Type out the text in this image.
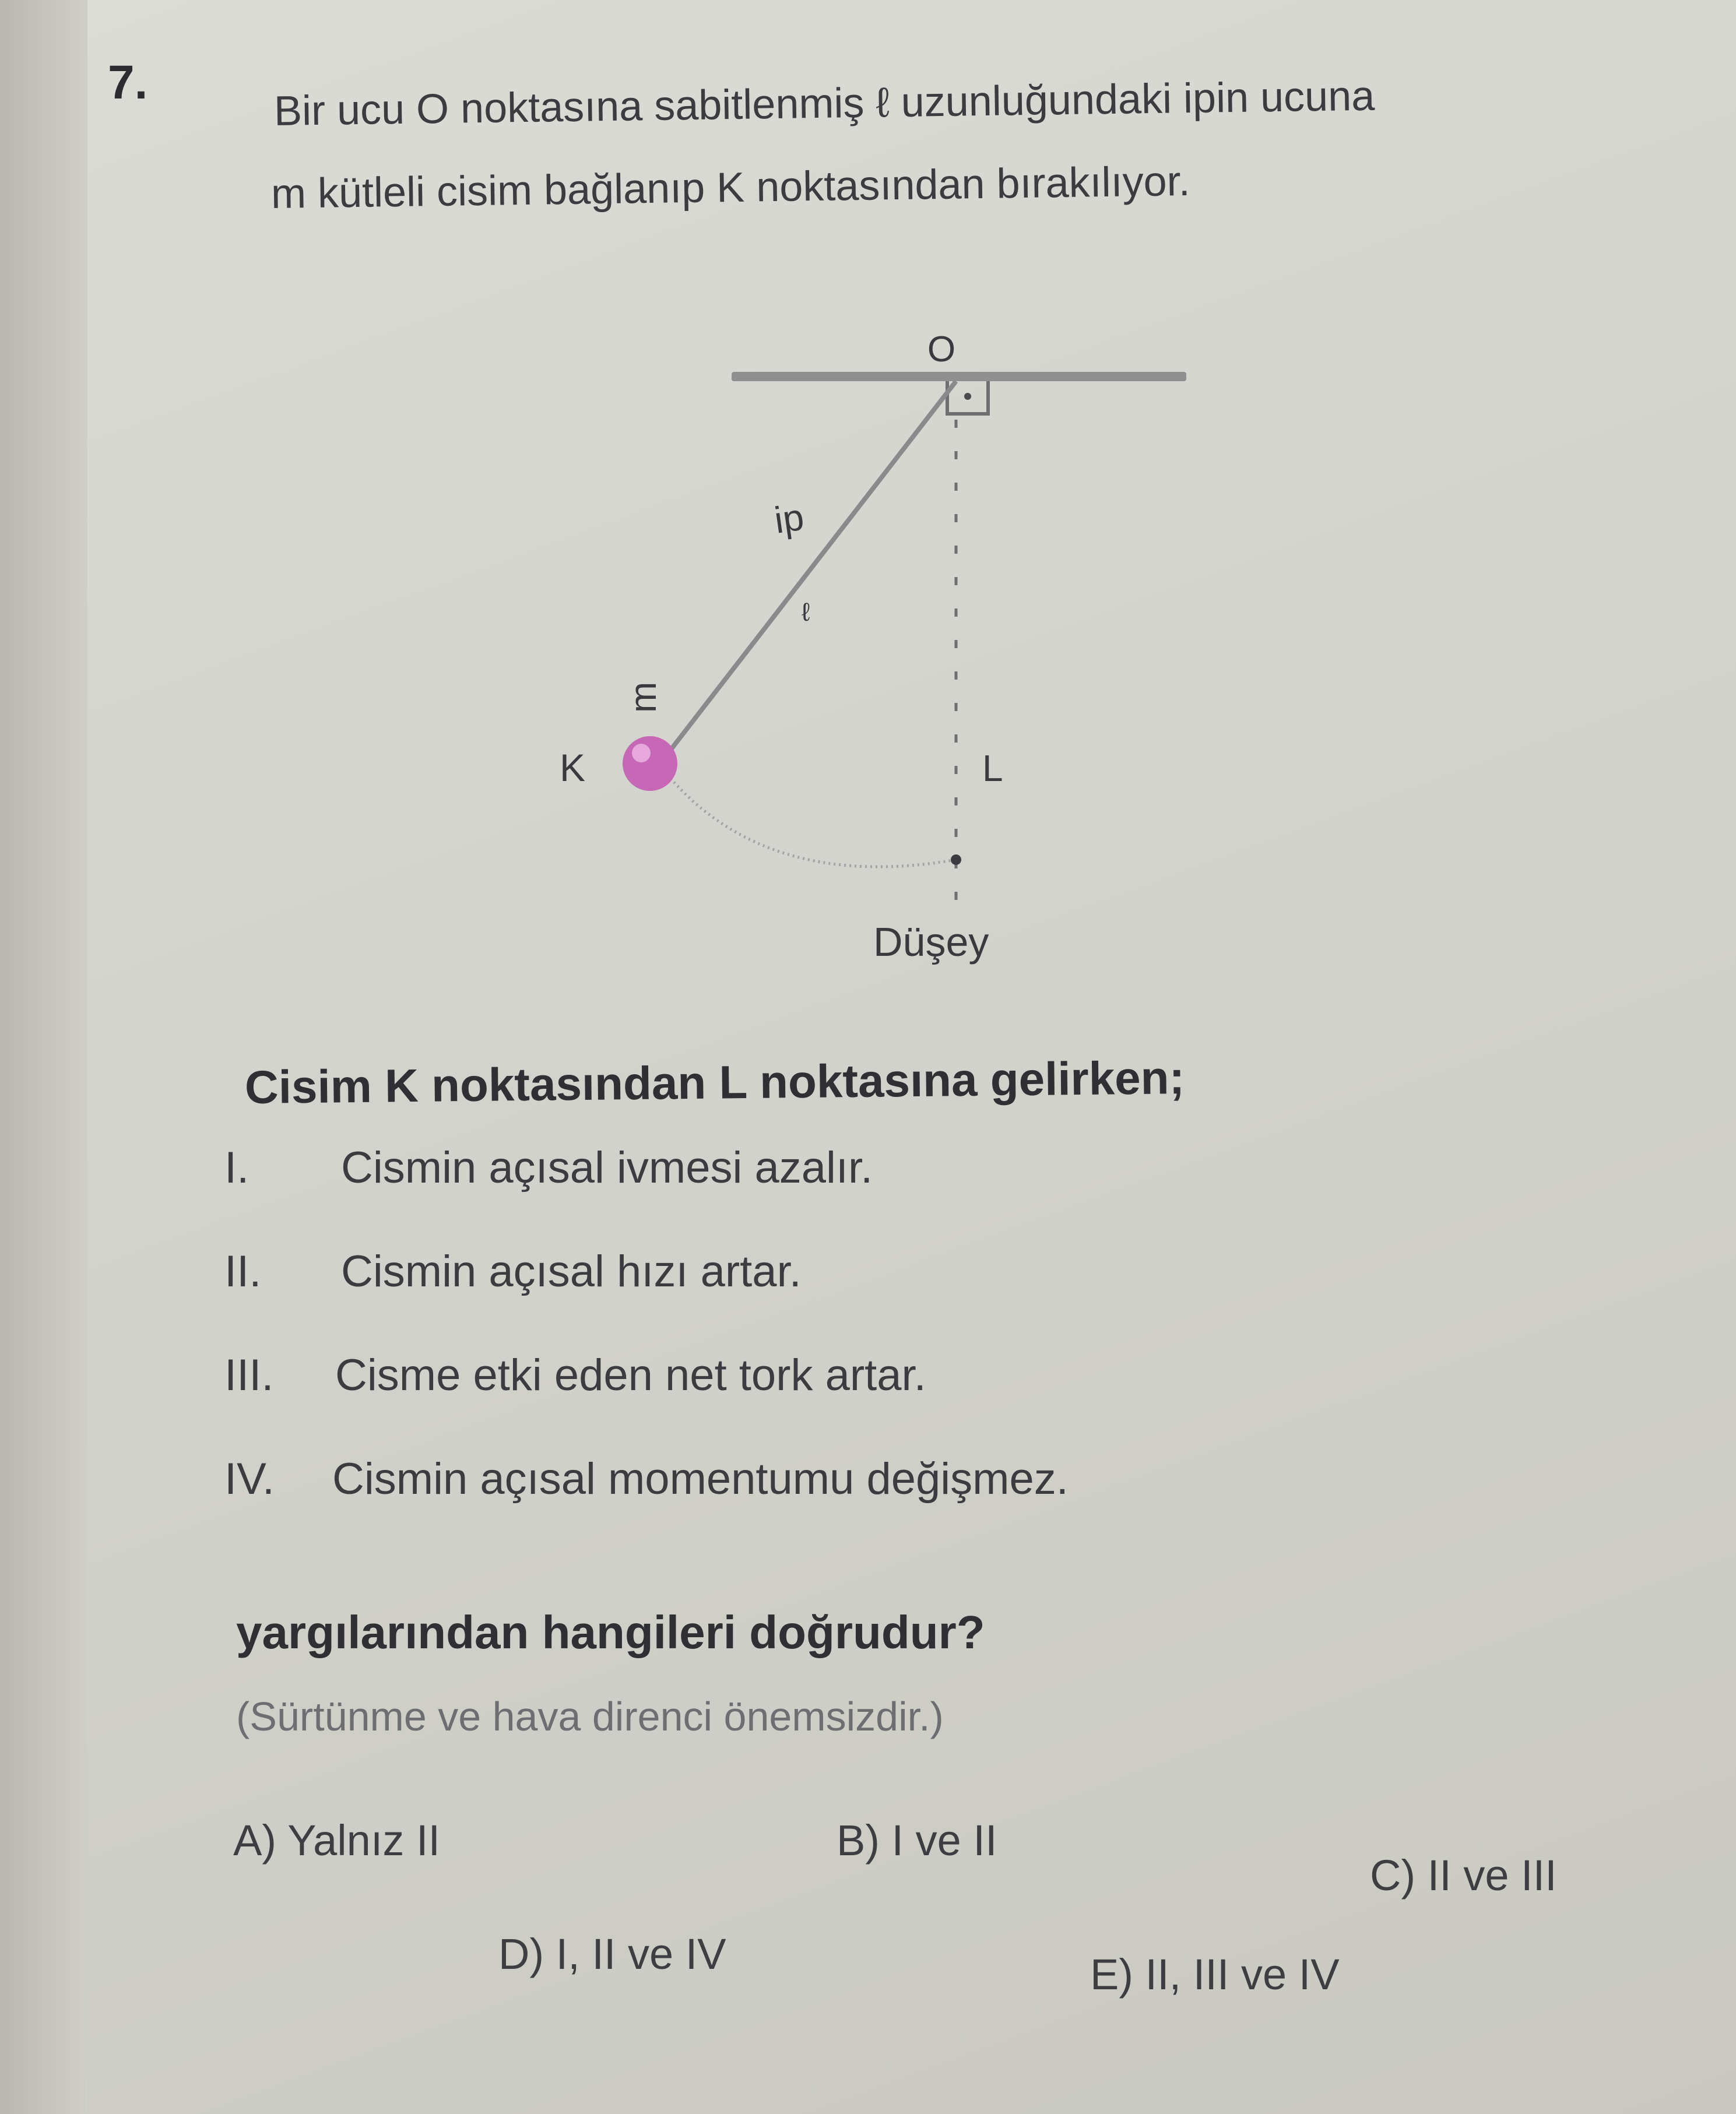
7.	Bir ucu O noktasına sabitlenmiş ℓ uzunluğundaki ipin ucuna
m kütleli cisim bağlanıp K noktasından bırakılıyor.
O
ip
ℓ
m
K	L
Düşey
Cisim K noktasından L noktasına gelirken;
I.	Cismin açısal ivmesi azalır.
II.	Cismin açısal hızı artar.
III.	Cisme etki eden net tork artar.
IV.	Cismin açısal momentumu değişmez.
yargılarından hangileri doğrudur?
(Sürtünme ve hava direnci önemsizdir.)
A) Yalnız II	B) I ve II
C) II ve III
D) I, II ve IV	E) II, III ve IV
